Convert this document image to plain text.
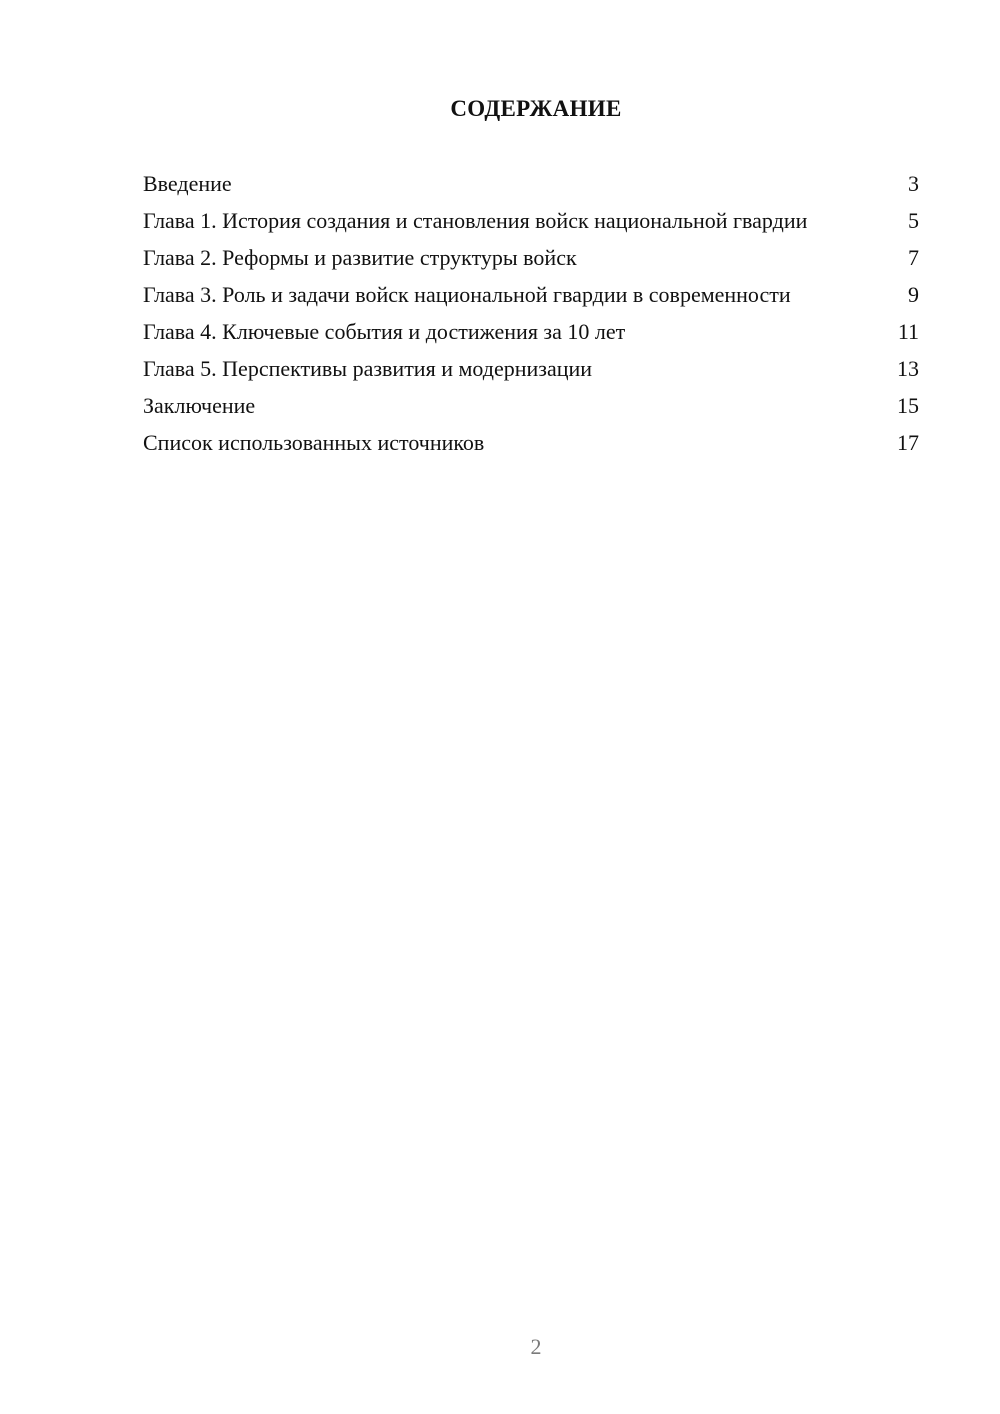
СОДЕРЖАНИЕ
Введение	3
Глава 1. История создания и становления войск национальной гвардии	5
Глава 2. Реформы и развитие структуры войск	7
Глава 3. Роль и задачи войск национальной гвардии в современности	9
Глава 4. Ключевые события и достижения за 10 лет	11
Глава 5. Перспективы развития и модернизации	13
Заключение	15
Список использованных источников	17
2
